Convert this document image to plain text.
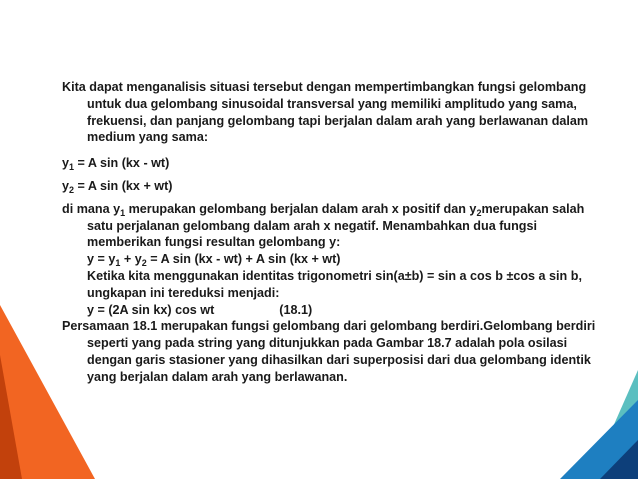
Kita dapat menganalisis situasi tersebut dengan mempertimbangkan fungsi gelombang untuk dua gelombang sinusoidal transversal yang memiliki amplitudo yang sama, frekuensi, dan panjang gelombang tapi berjalan dalam arah yang berlawanan dalam medium yang sama:

$y_1 = A$ sin (kx - wt)

$y_2 = A$ sin (kx + wt)

di mana $y_1$ merupakan gelombang berjalan dalam arah x positif dan $y_2merupakan$ salah satu perjalanan gelombang dalam arah x negatif. Menambahkan dua fungsi memberikan fungsi resultan gelombang y:
$y = y_1 + y_2 = A$ sin (kx - wt) + A sin (kx + wt)
Ketika kita menggunakan identitas trigonometri sin(a±b) = sin a cos b ±cos a sin b, ungkapan ini tereduksi menjadi:
y = (2A sin kx) cos wt	(18.1)

Persamaan 18.1 merupakan fungsi gelombang dari gelombang berdiri.Gelombang berdiri seperti yang pada string yang ditunjukkan pada Gambar 18.7 adalah pola osilasi dengan garis stasioner yang dihasilkan dari superposisi dari dua gelombang identik yang berjalan dalam arah yang berlawanan.
